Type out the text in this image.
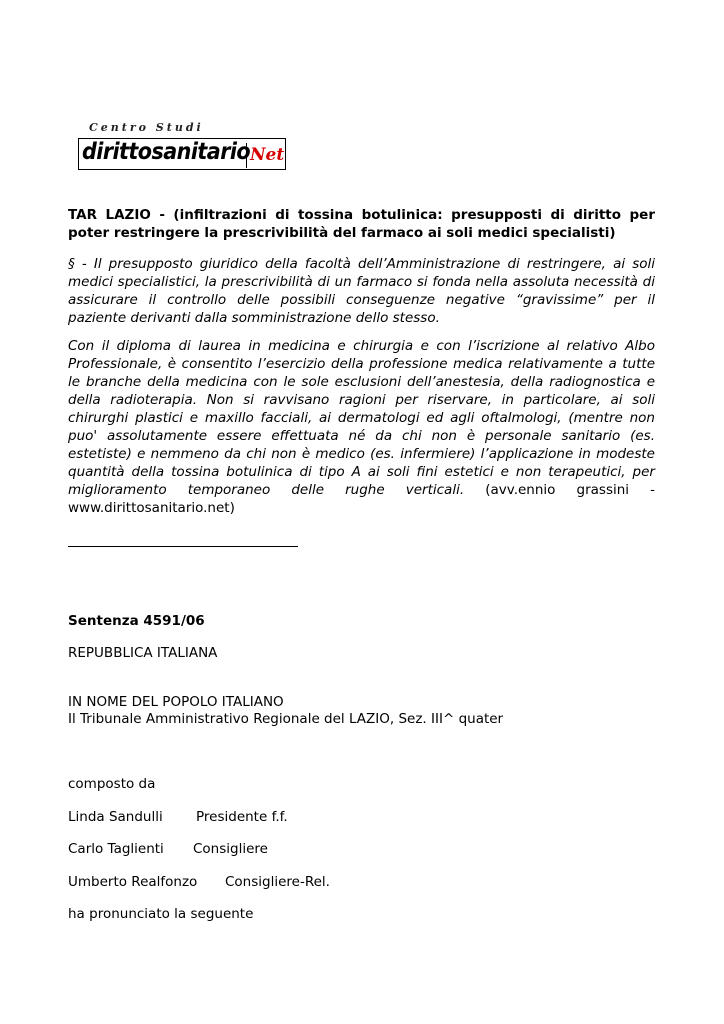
Centro Studi
dirittosanitario Net

TAR LAZIO - (infiltrazioni di tossina botulinica: presupposti di diritto per poter restringere la prescrivibilità del farmaco ai soli medici specialisti)

§ - Il presupposto giuridico della facoltà dell’Amministrazione di restringere, ai soli medici specialistici, la prescrivibilità di un farmaco si fonda nella assoluta necessità di assicurare il controllo delle possibili conseguenze negative “gravissime” per il paziente derivanti dalla somministrazione dello stesso.

Con il diploma di laurea in medicina e chirurgia e con l’iscrizione al relativo Albo Professionale, è consentito l’esercizio della professione medica relativamente a tutte le branche della medicina con le sole esclusioni dell’anestesia, della radiognostica e della radioterapia. Non si ravvisano ragioni per riservare, in particolare, ai soli chirurghi plastici e maxillo facciali, ai dermatologi ed agli oftalmologi, (mentre non puo' assolutamente essere effettuata né da chi non è personale sanitario (es. estetiste) e nemmeno da chi non è medico (es. infermiere) l’applicazione in modeste quantità della tossina botulinica di tipo A ai soli fini estetici e non terapeutici, per miglioramento temporaneo delle rughe verticali. (avv.ennio grassini - www.dirittosanitario.net)

Sentenza 4591/06
REPUBBLICA ITALIANA
IN NOME DEL POPOLO ITALIANO
Il Tribunale Amministrativo Regionale del LAZIO, Sez. III^ quater
composto da
Linda Sandulli Presidente f.f.
Carlo Taglienti Consigliere
Umberto Realfonzo Consigliere-Rel.
ha pronunciato la seguente
